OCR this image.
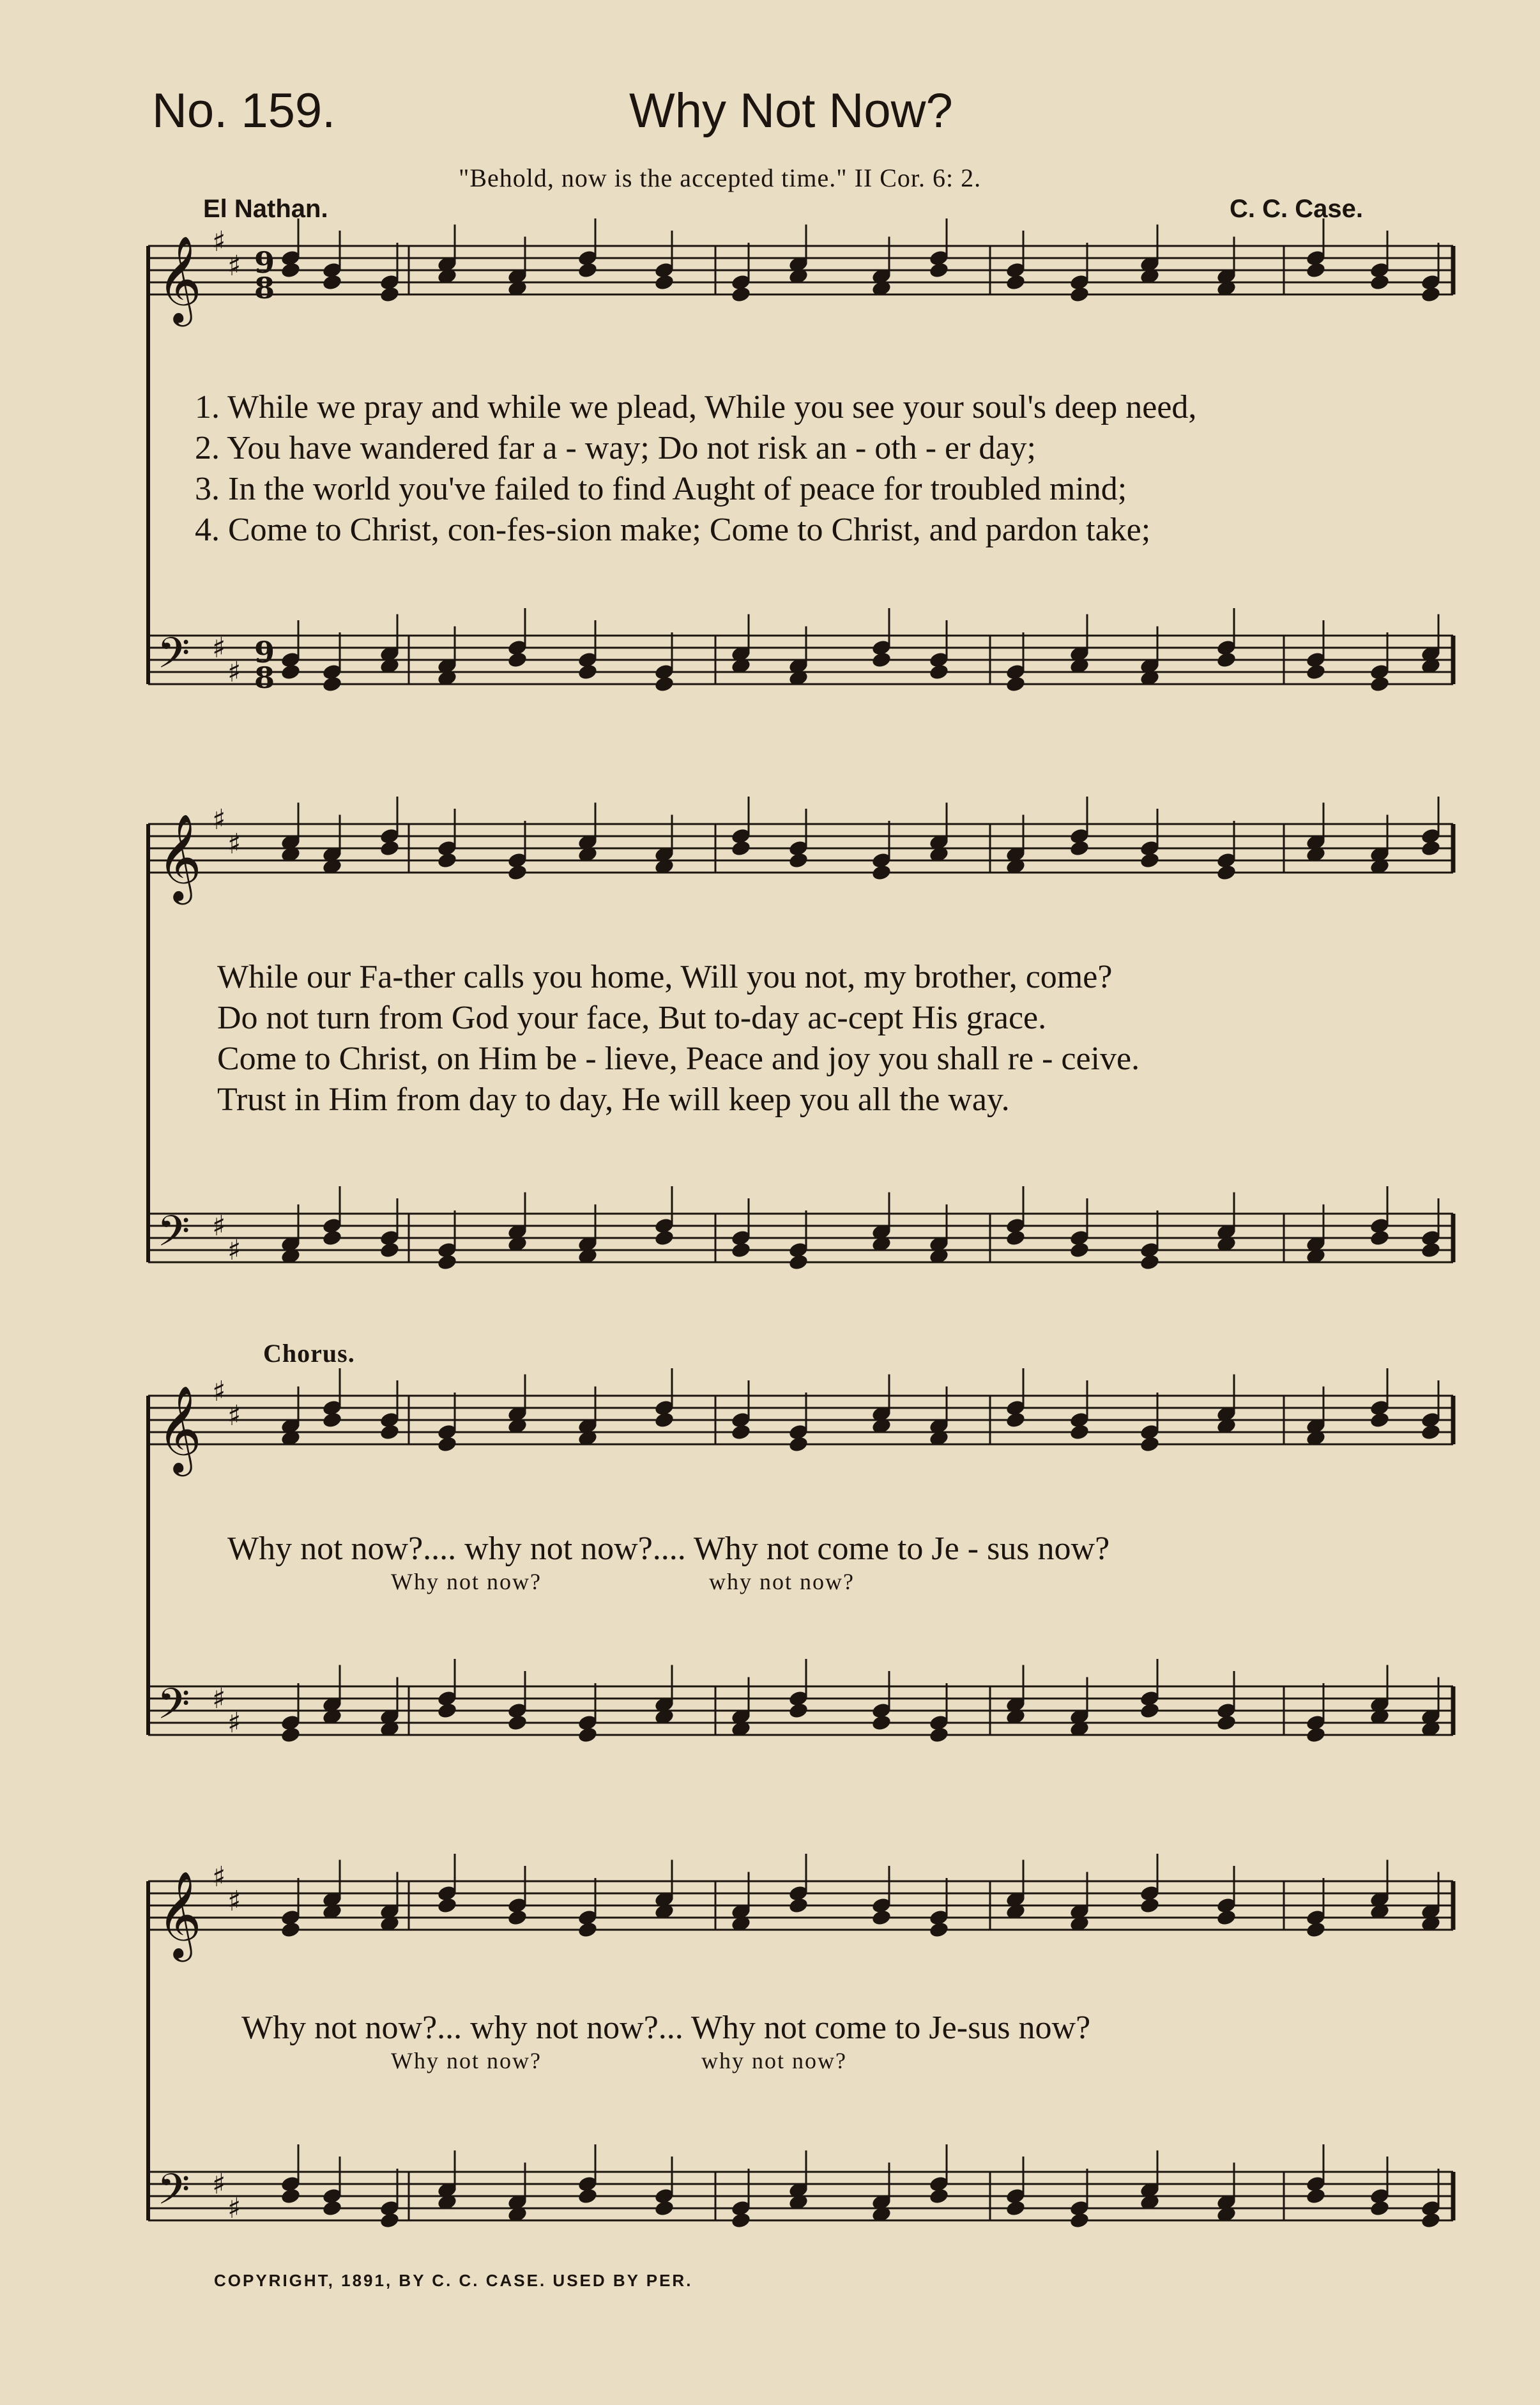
𝄞 ♯
♯
𝄢 ♯
♯
𝄞 ♯
♯
𝄢 ♯
♯
𝄞 ♯
♯
𝄢 ♯
♯
𝄞 ♯
♯
𝄢 ♯
♯
9
8
9
8
No. 159.	Why Not Now?
"Behold, now is the accepted time." II Cor. 6: 2.
El Nathan.	C. C. Case.
1. While we pray and while we plead, While you see your soul's deep need,
2. You have wandered far a - way; Do not risk an - oth - er day;
3. In the world you've failed to find Aught of peace for troubled mind;
4. Come to Christ, con-fes-sion make; Come to Christ, and pardon take;
While our Fa-ther calls you home, Will you not, my brother, come?
Do not turn from God your face, But to-day ac-cept His grace.
Come to Christ, on Him be - lieve, Peace and joy you shall re - ceive.
Trust in Him from day to day, He will keep you all the way.
Chorus.
Why not now?.... why not now?.... Why not come to Je - sus now?
Why not now?	why not now?
Why not now?... why not now?... Why not come to Je-sus now?
Why not now?	why not now?
COPYRIGHT, 1891, BY C. C. CASE. USED BY PER.
